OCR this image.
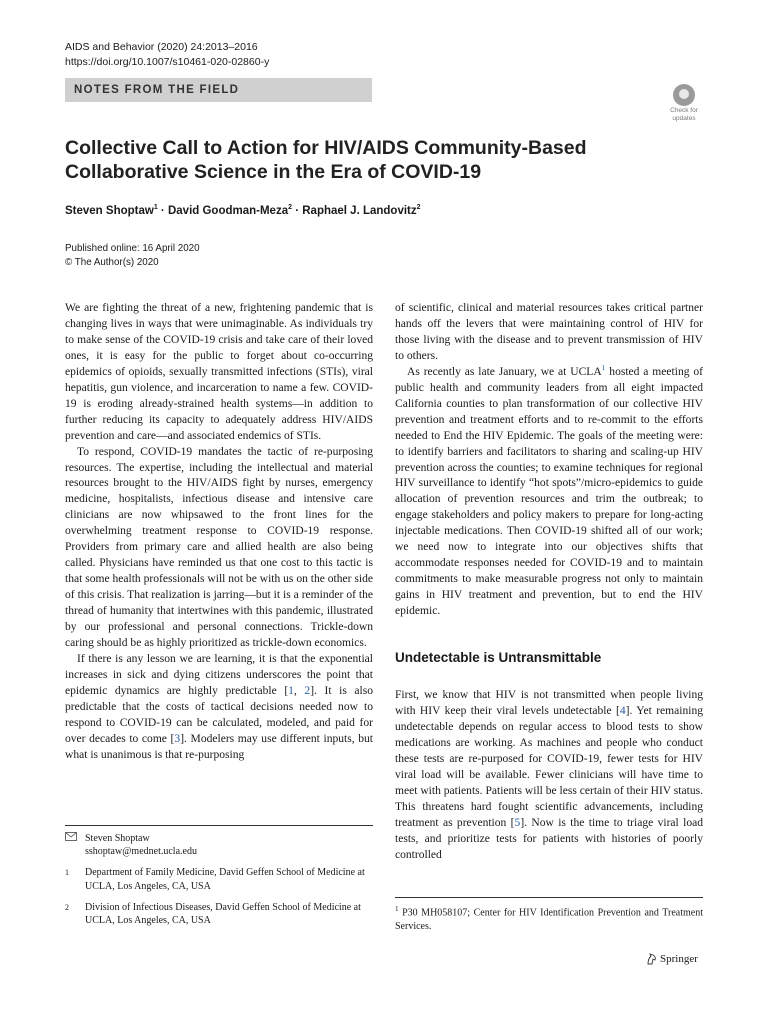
AIDS and Behavior (2020) 24:2013–2016
https://doi.org/10.1007/s10461-020-02860-y
NOTES FROM THE FIELD
Check for
updates
Collective Call to Action for HIV/AIDS Community-Based Collaborative Science in the Era of COVID-19
Steven Shoptaw$^1$ · David Goodman-Meza$^2$ · Raphael J. Landovitz$^2$
Published online: 16 April 2020
© The Author(s) 2020

We are fighting the threat of a new, frightening pandemic that is changing lives in ways that were unimaginable. As individuals try to make sense of the COVID-19 crisis and take care of their loved ones, it is easy for the public to forget about co-occurring epidemics of opioids, sexually transmitted infections (STIs), viral hepatitis, gun violence, and incarceration to name a few. COVID-19 is eroding already-strained health systems—in addition to further reducing its capacity to adequately address HIV/AIDS prevention and care—and associated endemics of STIs.

To respond, COVID-19 mandates the tactic of re-purposing resources. The expertise, including the intellectual and material resources brought to the HIV/AIDS fight by nurses, emergency medicine, hospitalists, infectious disease and intensive care clinicians are now whipsawed to the front lines for the overwhelming treatment response to COVID-19 response. Providers from primary care and allied health are also being called. Physicians have reminded us that one cost to this tactic is that some health professionals will not be with us on the other side of this crisis. That realization is jarring—but it is a reminder of the thread of humanity that intertwines with this pandemic, illustrated by our professional and personal connections. Trickle-down caring should be as highly prioritized as trickle-down economics.

If there is any lesson we are learning, it is that the exponential increases in sick and dying citizens underscores the point that epidemic dynamics are highly predictable [1, 2]. It is also predictable that the costs of tactical decisions needed now to respond to COVID-19 can be calculated, modeled, and paid for over decades to come [3]. Modelers may use different inputs, but what is unanimous is that re-purposing

of scientific, clinical and material resources takes critical partner hands off the levers that were maintaining control of HIV for those living with the disease and to prevent transmission of HIV to others.

As recently as late January, we at UCLA$^1$ hosted a meeting of public health and community leaders from all eight impacted California counties to plan transformation of our collective HIV prevention and treatment efforts and to re-commit to the efforts needed to End the HIV Epidemic. The goals of the meeting were: to identify barriers and facilitators to sharing and scaling-up HIV prevention across the counties; to examine techniques for regional HIV surveillance to identify “hot spots”/micro-epidemics to guide allocation of prevention resources and trim the outbreak; to engage stakeholders and policy makers to prepare for long-acting injectable medications. Then COVID-19 shifted all of our work; we need now to integrate into our objectives shifts that accommodate responses needed for COVID-19 and to maintain commitments to make measurable progress not only to maintain gains in HIV treatment and prevention, but to end the HIV epidemic.

Undetectable is Untransmittable

First, we know that HIV is not transmitted when people living with HIV keep their viral levels undetectable [4]. Yet remaining undetectable depends on regular access to blood tests to show medications are working. As machines and people who conduct these tests are re-purposed for COVID-19, fewer tests for HIV viral load will be available. Fewer clinicians will have time to meet with patients. Patients will be less certain of their HIV status. This threatens hard fought scientific advancements, including treatment as prevention [5]. Now is the time to triage viral load tests, and prioritize tests for patients with histories of poorly controlled

Steven Shoptaw
sshoptaw@mednet.ucla.edu
1	Department of Family Medicine, David Geffen School of Medicine at UCLA, Los Angeles, CA, USA
2	Division of Infectious Diseases, David Geffen School of Medicine at UCLA, Los Angeles, CA, USA
$^1$ P30 MH058107; Center for HIV Identification Prevention and Treatment Services.
Springer
